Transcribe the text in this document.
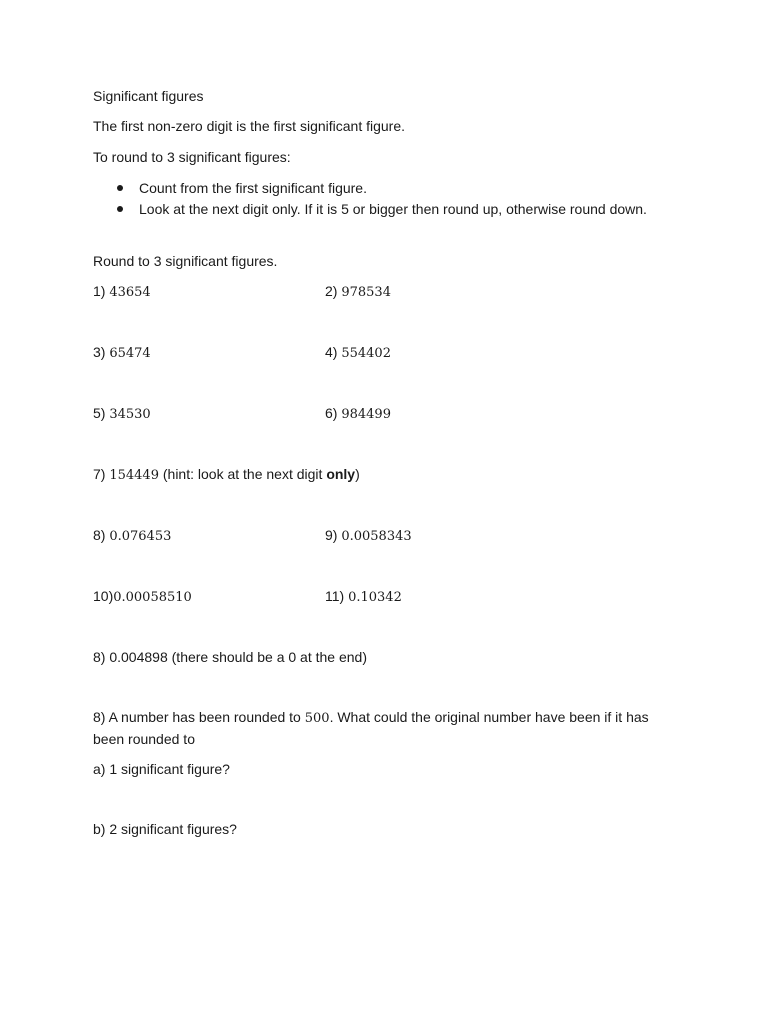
Significant figures
The first non-zero digit is the first significant figure.
To round to 3 significant figures:
Count from the first significant figure.
Look at the next digit only. If it is 5 or bigger then round up, otherwise round down.
Round to 3 significant figures.
1) 43654	2) 978534
3) 65474	4) 554402
5) 34530	6) 984499
7) 154449 (hint: look at the next digit only)
8) 0.076453	9) 0.0058343
10)0.00058510	11) 0.10342
8) 0.004898 (there should be a 0 at the end)
8) A number has been rounded to 500. What could the original number have been if it has been rounded to
a) 1 significant figure?
b) 2 significant figures?
